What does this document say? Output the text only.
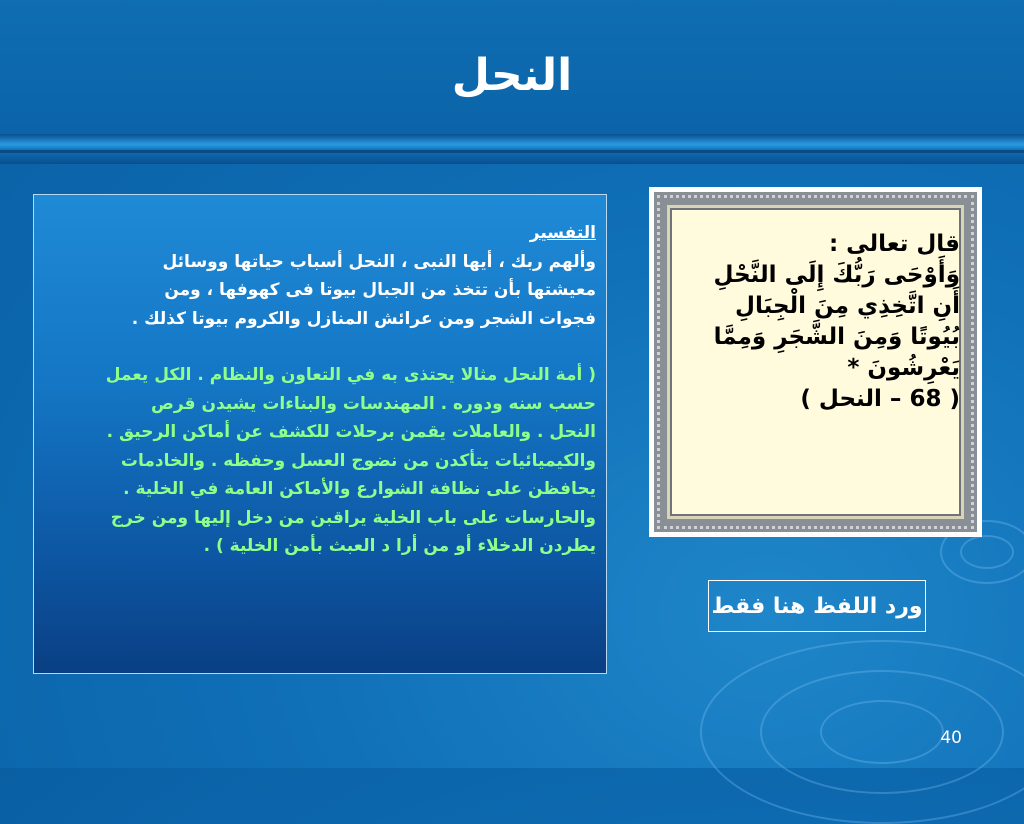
النحل
التفسير
وألهم ربك ، أيها النبى ، النحل أسباب حياتها ووسائل
معيشتها بأن تتخذ من الجبال بيوتا فى كهوفها ، ومن
فجوات الشجر ومن عرائش المنازل والكروم بيوتا كذلك .
( أمة النحل مثالا يحتذى به في التعاون والنظام . الكل يعمل
حسب سنه ودوره . المهندسات والبناءات يشيدن قرص
النحل . والعاملات يقمن برحلات للكشف عن أماكن الرحيق .
والكيميائيات يتأكدن من نضوج العسل وحفظه . والخادمات
يحافظن على نظافة الشوارع والأماكن العامة في الخلية .
والحارسات على باب الخلية يراقبن من دخل إليها ومن خرج
يطردن الدخلاء أو من أرا د العبث بأمن الخلية ) .
قال تعالى :
وَأَوْحَى رَبُّكَ إِلَى النَّحْلِ
أَنِ اتَّخِذِي مِنَ الْجِبَالِ
بُيُوتًا وَمِنَ الشَّجَرِ وَمِمَّا
يَعْرِشُونَ *
( 68 – النحل )
ورد اللفظ هنا فقط
40
